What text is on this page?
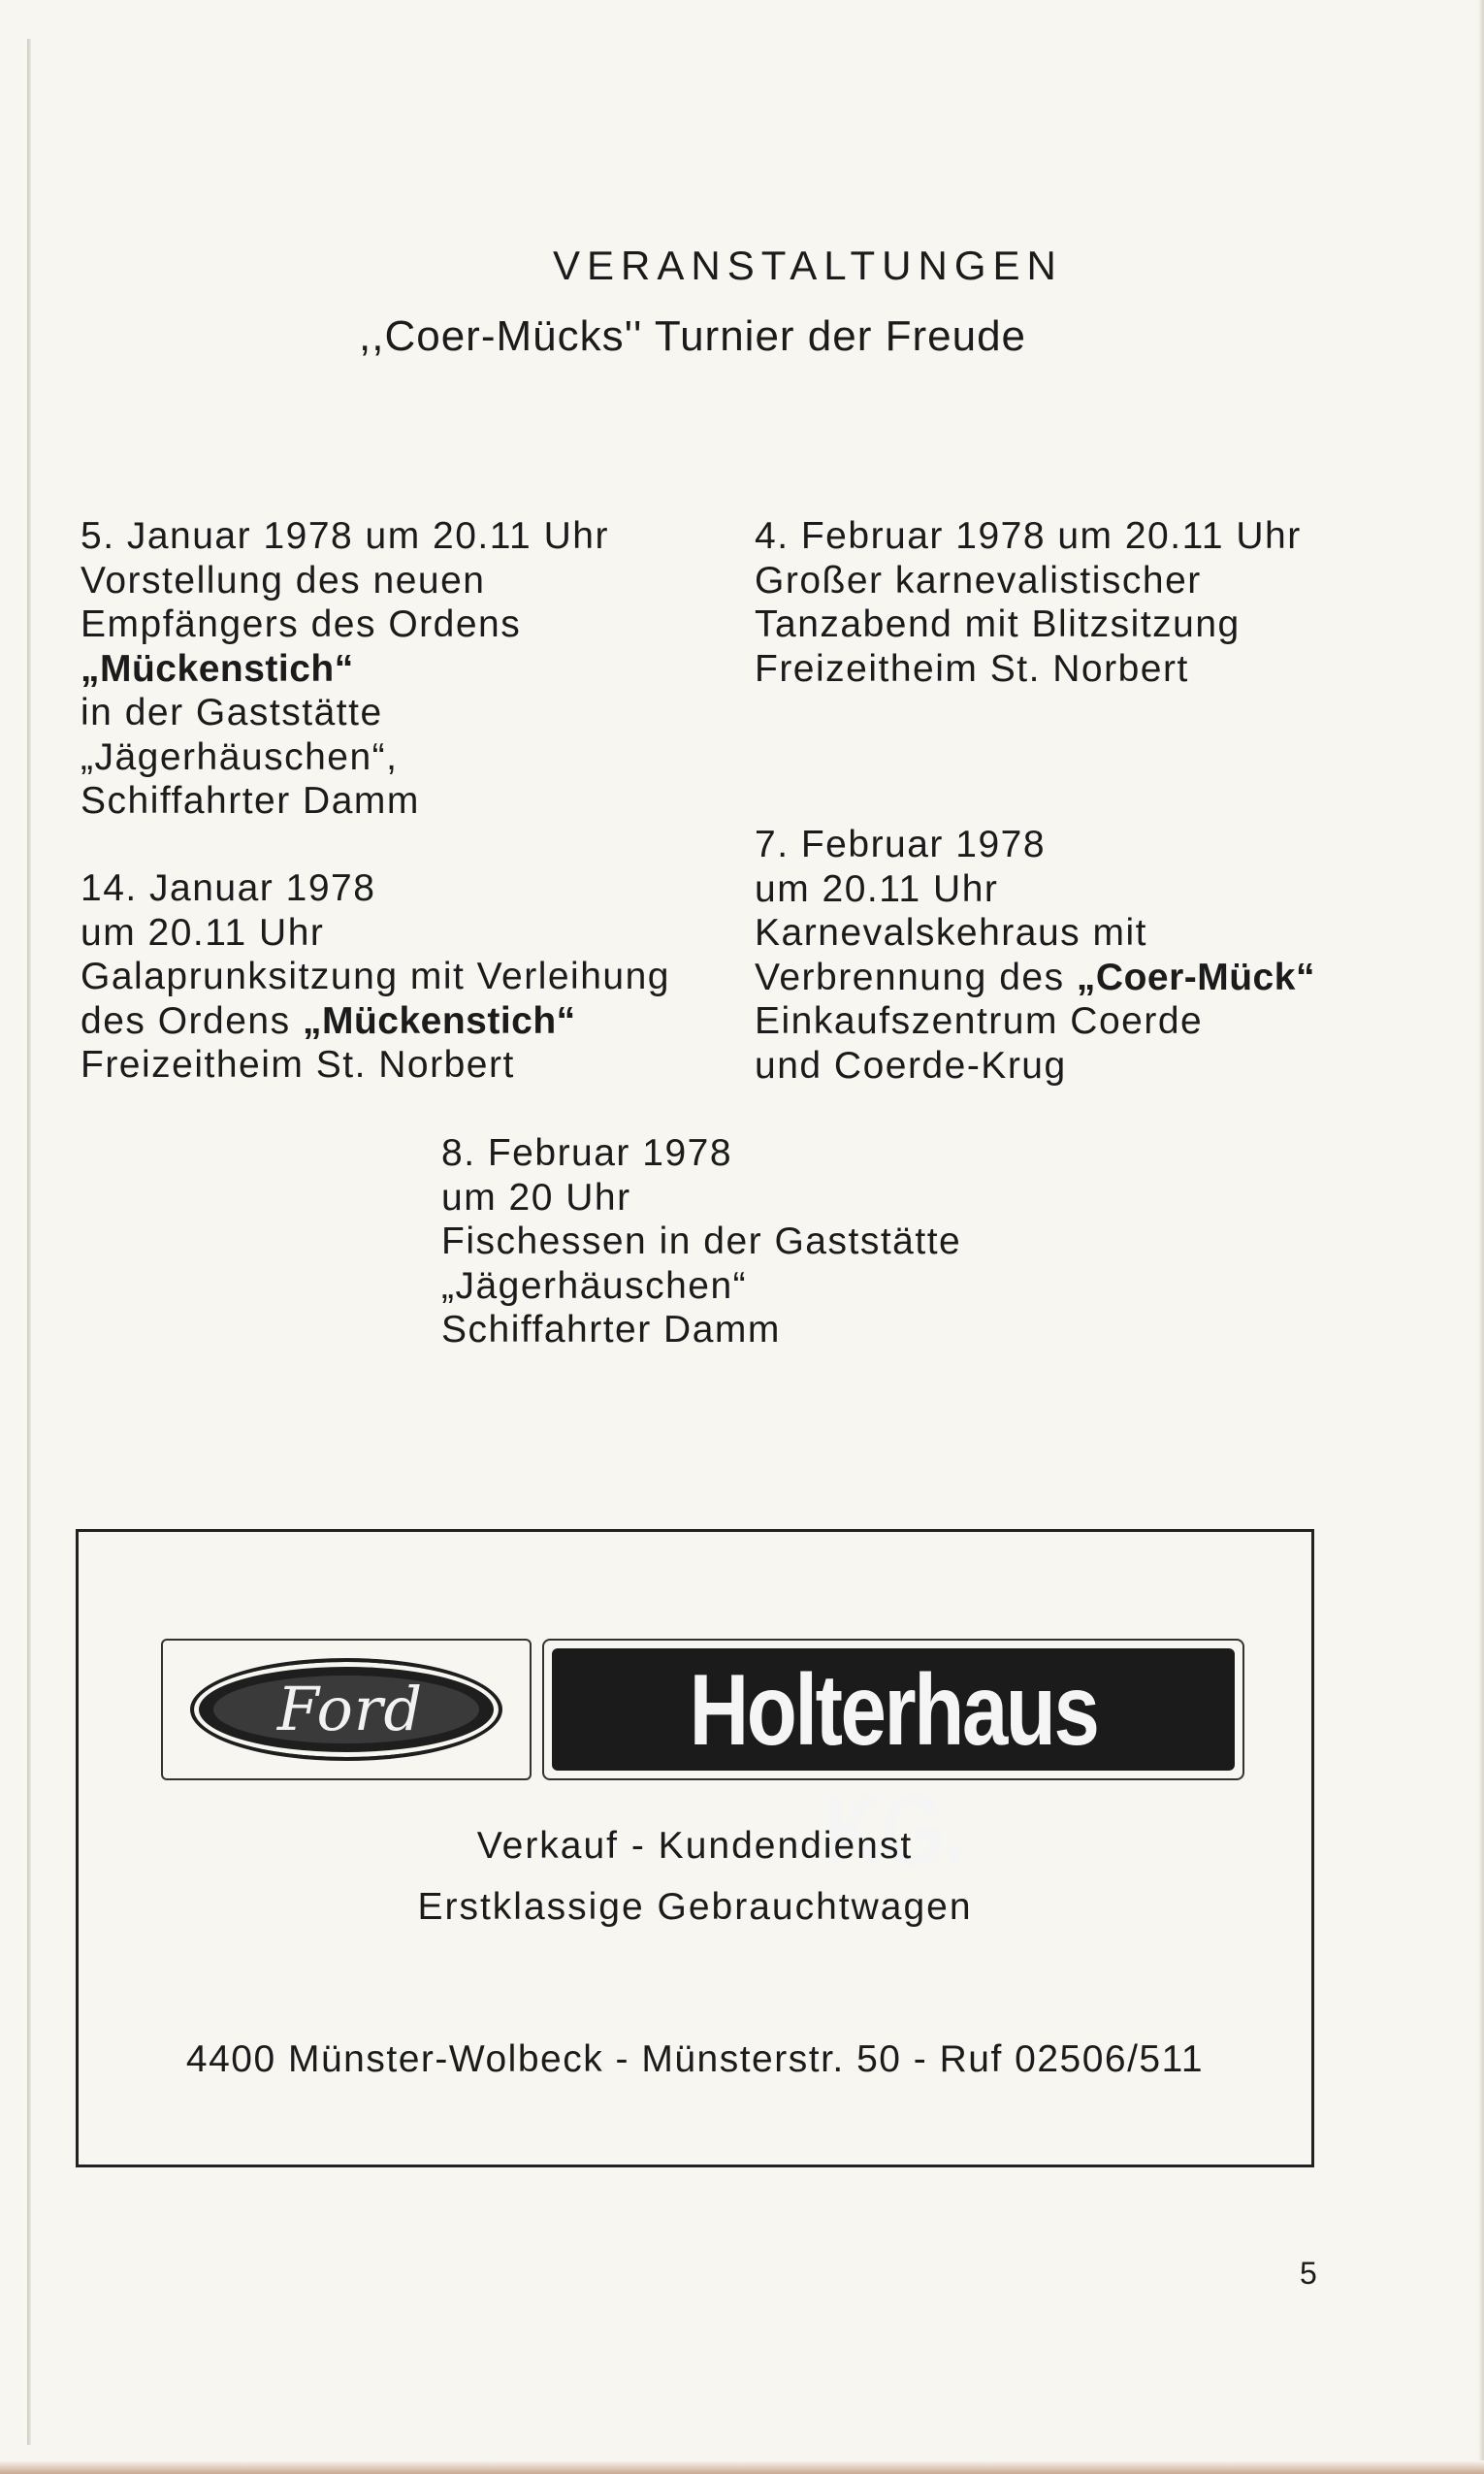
VERANSTALTUNGEN
,,Coer-Mücks'' Turnier der Freude
5. Januar 1978 um 20.11 Uhr
Vorstellung des neuen
Empfängers des Ordens
„Mückenstich“
in der Gaststätte
„Jägerhäuschen“,
Schiffahrter Damm
14. Januar 1978
um 20.11 Uhr
Galaprunksitzung mit Verleihung
des Ordens „Mückenstich“
Freizeitheim St. Norbert
4. Februar 1978 um 20.11 Uhr
Großer karnevalistischer
Tanzabend mit Blitzsitzung
Freizeitheim St. Norbert
7. Februar 1978
um 20.11 Uhr
Karnevalskehraus mit
Verbrennung des „Coer-Mück“
Einkaufszentrum Coerde
und Coerde-Krug
8. Februar 1978
um 20 Uhr
Fischessen in der Gaststätte
„Jägerhäuschen“
Schiffahrter Damm
Ford	Holterhaus KG.
Verkauf - Kundendienst
Erstklassige Gebrauchtwagen
4400 Münster-Wolbeck - Münsterstr. 50 - Ruf 02506/511
5
